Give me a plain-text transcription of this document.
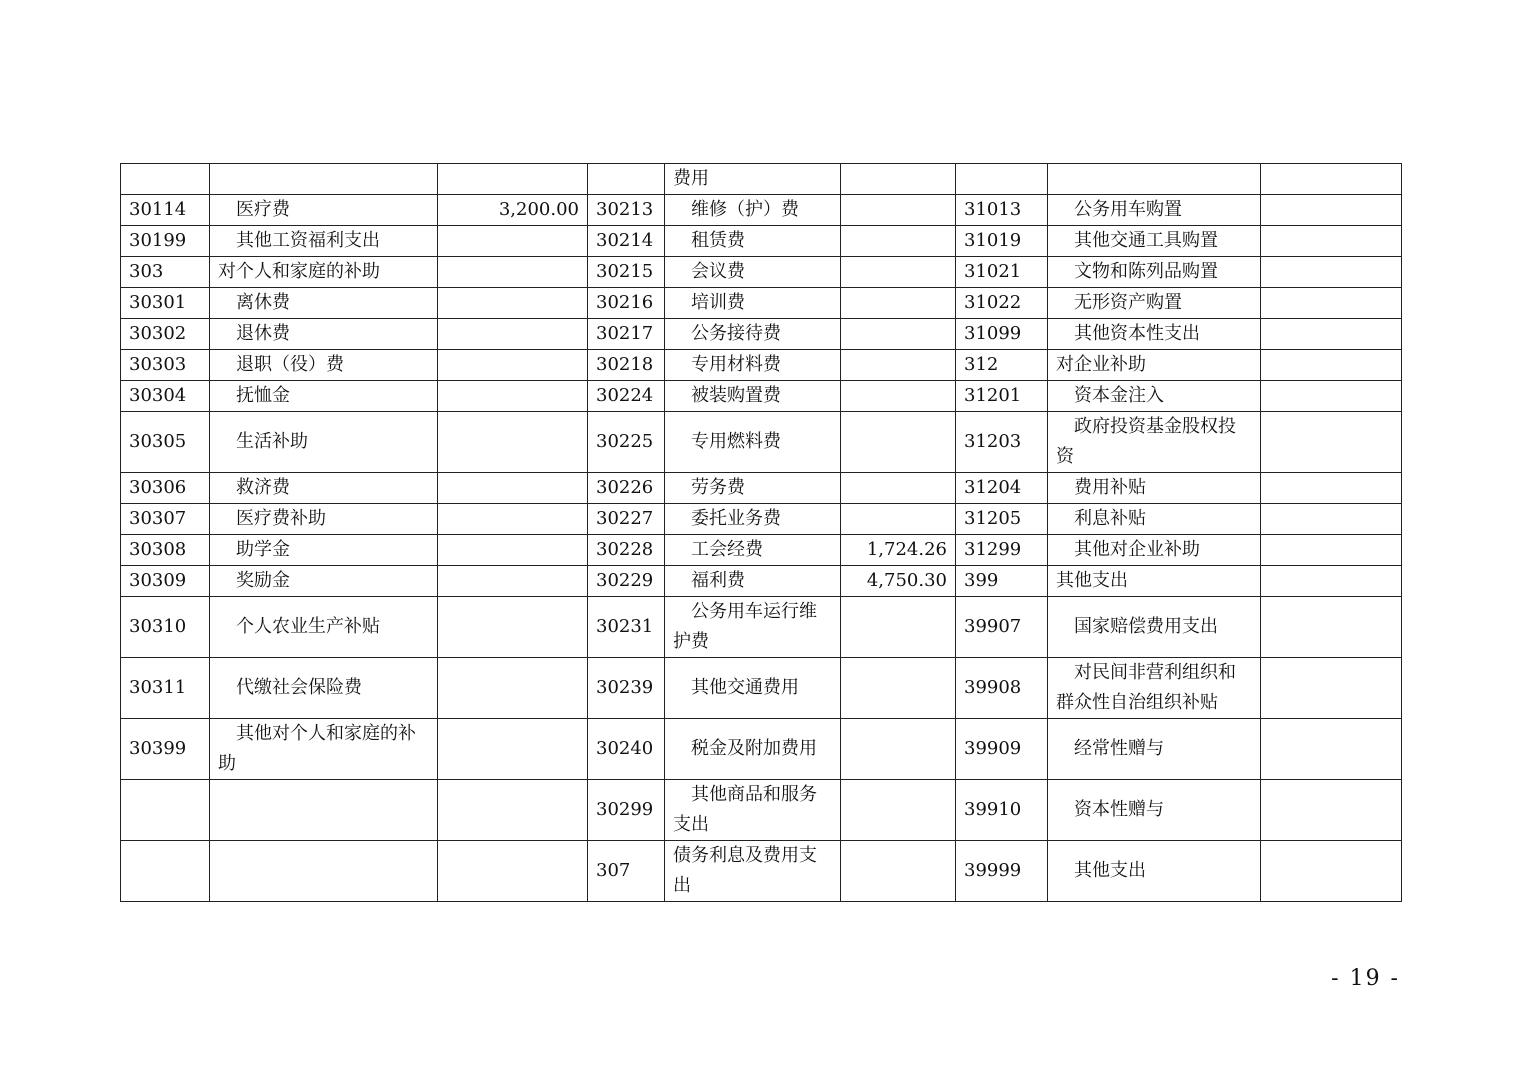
				费用				
30114	医疗费	3,200.00	30213	维修（护）费		31013	公务用车购置	
30199	其他工资福利支出		30214	租赁费		31019	其他交通工具购置	
303	对个人和家庭的补助		30215	会议费		31021	文物和陈列品购置	
30301	离休费		30216	培训费		31022	无形资产购置	
30302	退休费		30217	公务接待费		31099	其他资本性支出	
30303	退职（役）费		30218	专用材料费		312	对企业补助	
30304	抚恤金		30224	被装购置费		31201	资本金注入	
30305	生活补助		30225	专用燃料费		31203	政府投资基金股权投资	
30306	救济费		30226	劳务费		31204	费用补贴	
30307	医疗费补助		30227	委托业务费		31205	利息补贴	
30308	助学金		30228	工会经费	1,724.26	31299	其他对企业补助	
30309	奖励金		30229	福利费	4,750.30	399	其他支出	
30310	个人农业生产补贴		30231	公务用车运行维护费		39907	国家赔偿费用支出	
30311	代缴社会保险费		30239	其他交通费用		39908	对民间非营利组织和群众性自治组织补贴	
30399	其他对个人和家庭的补助		30240	税金及附加费用		39909	经常性赠与	
			30299	其他商品和服务支出		39910	资本性赠与	
			307	债务利息及费用支出		39999	其他支出	
- 19 -
